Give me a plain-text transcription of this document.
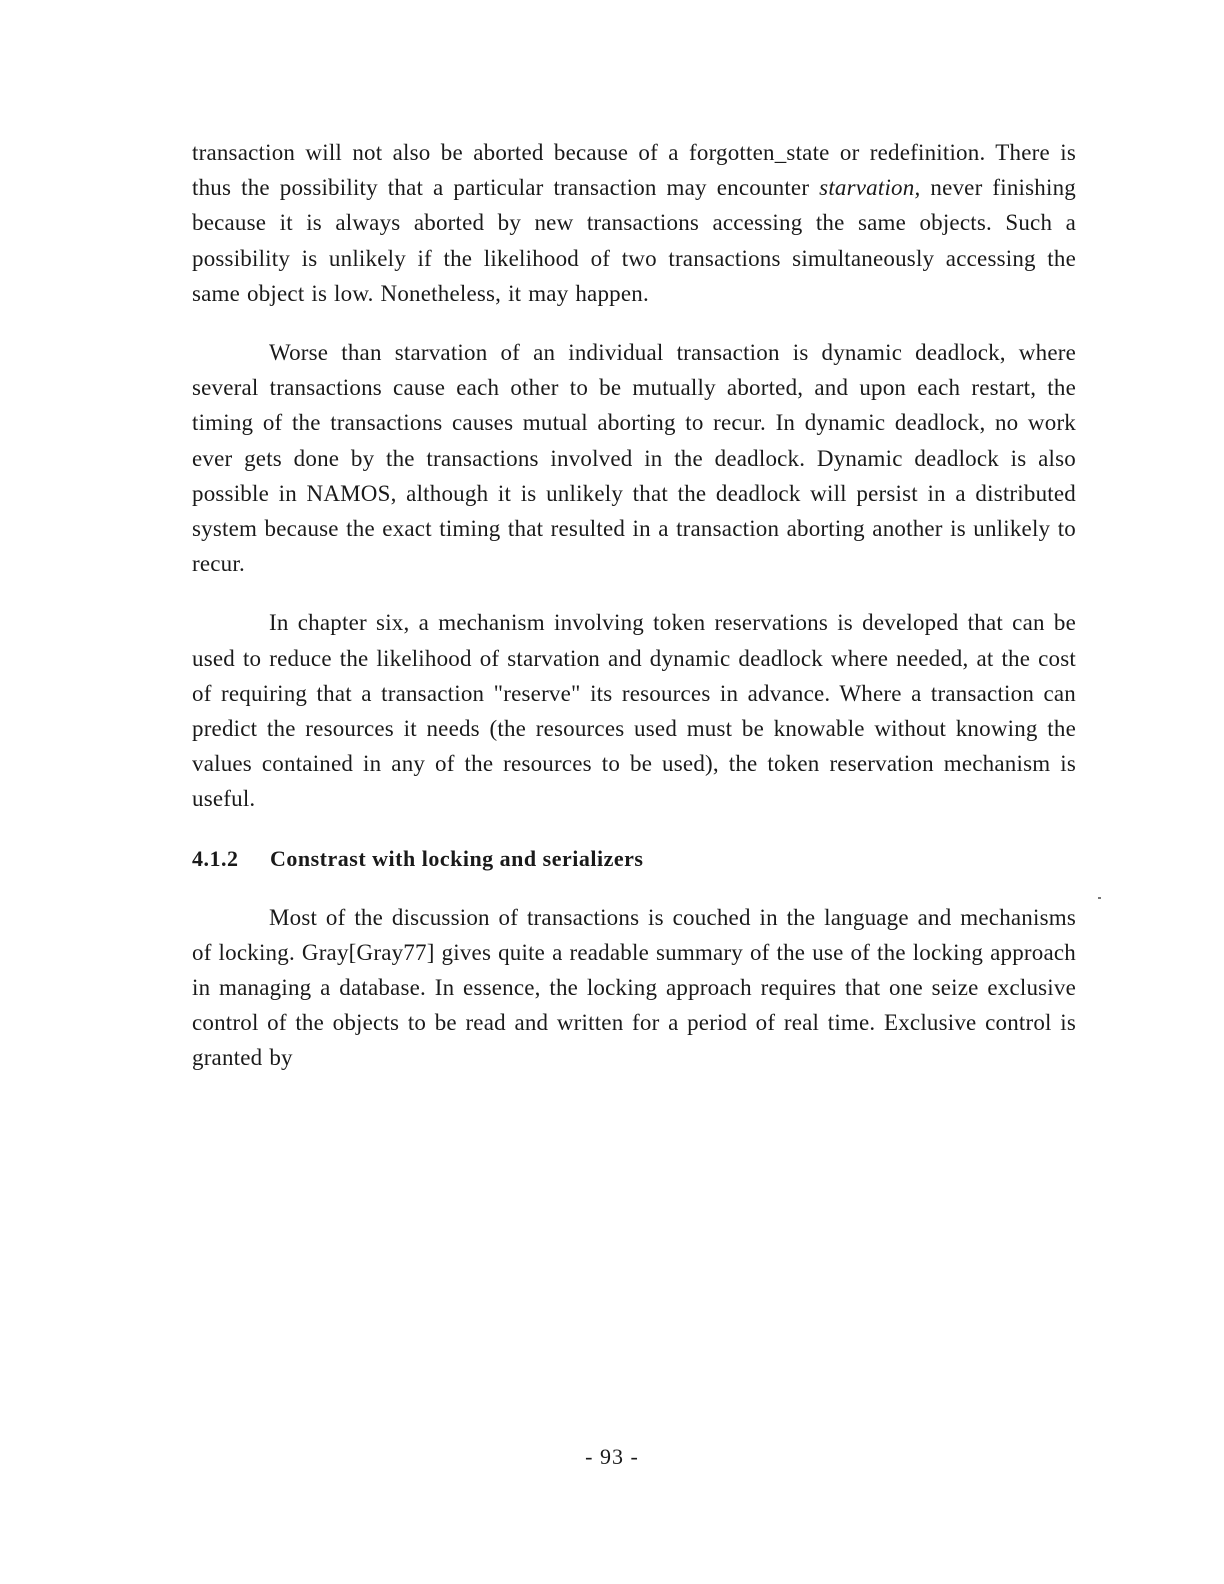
transaction will not also be aborted because of a forgotten_state or redefinition. There is thus the possibility that a particular transaction may encounter starvation, never finishing because it is always aborted by new transactions accessing the same objects. Such a possibility is unlikely if the likelihood of two transactions simultaneously accessing the same object is low. Nonetheless, it may happen.

Worse than starvation of an individual transaction is dynamic deadlock, where several transactions cause each other to be mutually aborted, and upon each restart, the timing of the transactions causes mutual aborting to recur. In dynamic deadlock, no work ever gets done by the transactions involved in the deadlock. Dynamic deadlock is also possible in NAMOS, although it is unlikely that the deadlock will persist in a distributed system because the exact timing that resulted in a transaction aborting another is unlikely to recur.

In chapter six, a mechanism involving token reservations is developed that can be used to reduce the likelihood of starvation and dynamic deadlock where needed, at the cost of requiring that a transaction "reserve" its resources in advance. Where a transaction can predict the resources it needs (the resources used must be knowable without knowing the values contained in any of the resources to be used), the token reservation mechanism is useful.

4.1.2 Constrast with locking and serializers

Most of the discussion of transactions is couched in the language and mechanisms of locking. Gray[Gray77] gives quite a readable summary of the use of the locking approach in managing a database. In essence, the locking approach requires that one seize exclusive control of the objects to be read and written for a period of real time. Exclusive control is granted by

- 93 -
